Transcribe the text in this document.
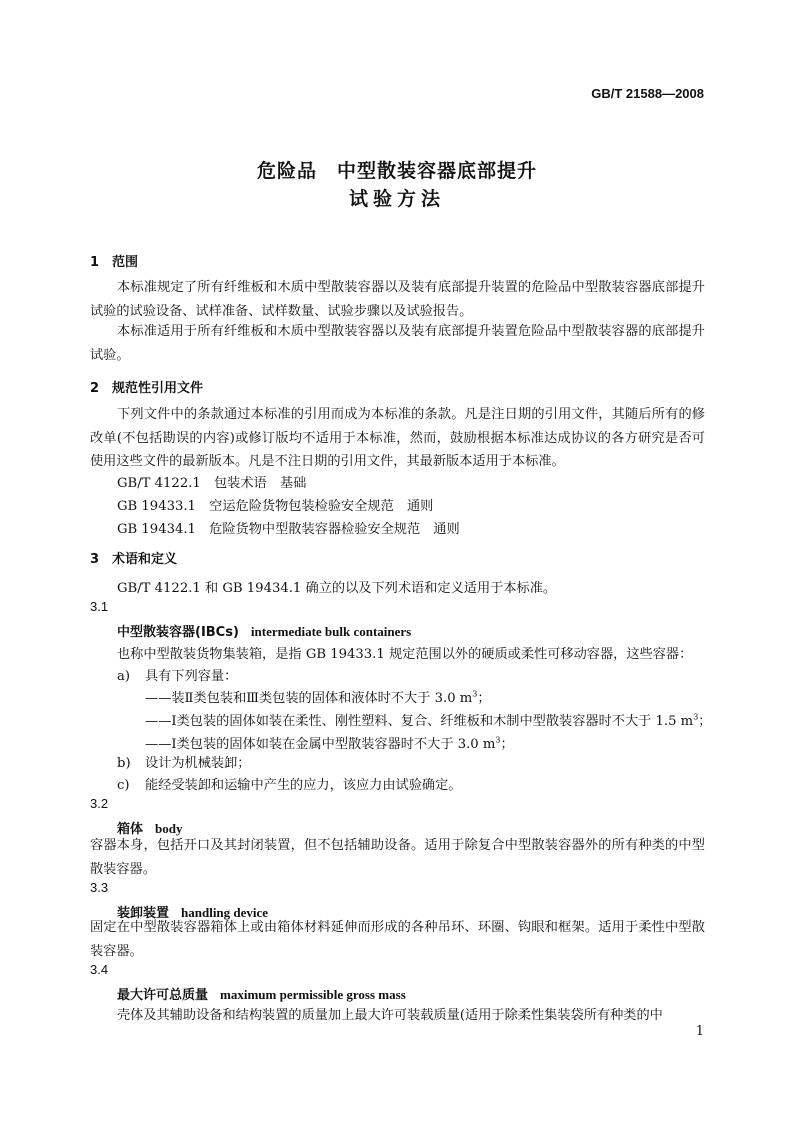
GB/T 21588—2008
危险品　中型散装容器底部提升
试验方法
1 范围
本标准规定了所有纤维板和木质中型散装容器以及装有底部提升装置的危险品中型散装容器底部提升试验的试验设备、试样准备、试样数量、试验步骤以及试验报告。
本标准适用于所有纤维板和木质中型散装容器以及装有底部提升装置危险品中型散装容器的底部提升试验。
2 规范性引用文件
下列文件中的条款通过本标准的引用而成为本标准的条款。凡是注日期的引用文件，其随后所有的修改单(不包括勘误的内容)或修订版均不适用于本标准，然而，鼓励根据本标准达成协议的各方研究是否可使用这些文件的最新版本。凡是不注日期的引用文件，其最新版本适用于本标准。
GB/T 4122.1　包装术语　基础
GB 19433.1　空运危险货物包装检验安全规范　通则
GB 19434.1　危险货物中型散装容器检验安全规范　通则
3 术语和定义
GB/T 4122.1 和 GB 19434.1 确立的以及下列术语和定义适用于本标准。
3.1
中型散装容器(IBCs) intermediate bulk containers
也称中型散装货物集装箱，是指 GB 19433.1 规定范围以外的硬质或柔性可移动容器，这些容器：
a) 具有下列容量：
——装Ⅱ类包装和Ⅲ类包装的固体和液体时不大于 3.0 $m^3$；
——Ⅰ类包装的固体如装在柔性、刚性塑料、复合、纤维板和木制中型散装容器时不大于 1.5 $m^3$；
——Ⅰ类包装的固体如装在金属中型散装容器时不大于 3.0 $m^3$；
b) 设计为机械装卸；
c) 能经受装卸和运输中产生的应力，该应力由试验确定。
3.2
箱体 body
容器本身，包括开口及其封闭装置，但不包括辅助设备。适用于除复合中型散装容器外的所有种类的中型散装容器。
3.3
装卸装置 handling device
固定在中型散装容器箱体上或由箱体材料延伸而形成的各种吊环、环圈、钩眼和框架。适用于柔性中型散装容器。
3.4
最大许可总质量 maximum permissible gross mass
壳体及其辅助设备和结构装置的质量加上最大许可装载质量(适用于除柔性集装袋所有种类的中
1
